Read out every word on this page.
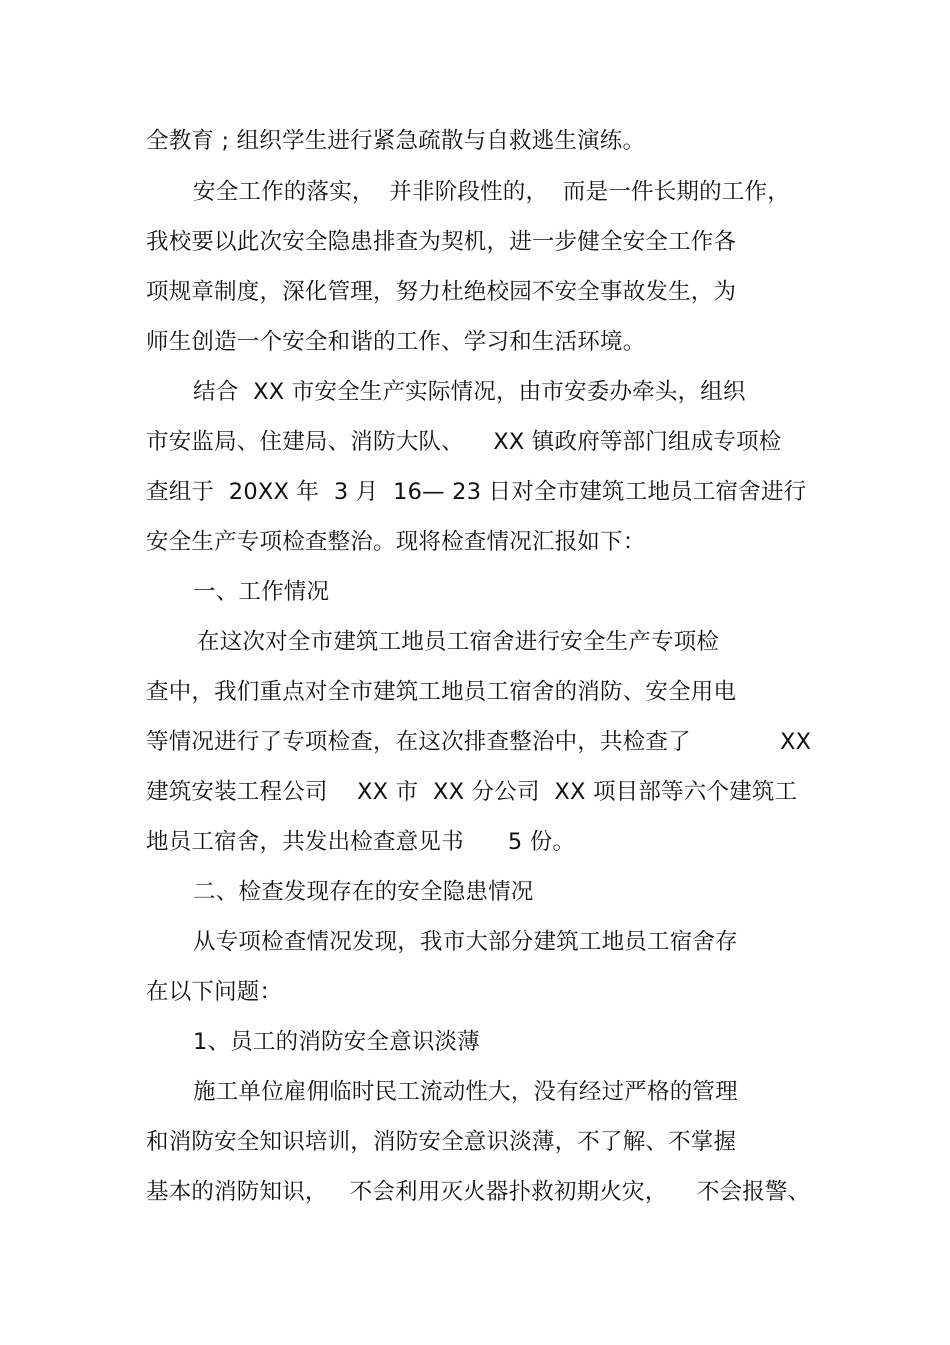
全教育 ; 组织学生进行紧急疏散与自救逃生演练。
安全工作的落实，  并非阶段性的，  而是一件长期的工作，
我校要以此次安全隐患排查为契机，进一步健全安全工作各
项规章制度，深化管理，努力杜绝校园不安全事故发生，为
师生创造一个安全和谐的工作、学习和生活环境。
结合  XX 市安全生产实际情况，由市安委办牵头，组织
市安监局、住建局、消防大队、    XX 镇政府等部门组成专项检
查组于  20XX 年  3 月  16— 23 日对全市建筑工地员工宿舍进行
安全生产专项检查整治。现将检查情况汇报如下：
一、工作情况
在这次对全市建筑工地员工宿舍进行安全生产专项检
查中，我们重点对全市建筑工地员工宿舍的消防、安全用电
等情况进行了专项检查，在这次排查整治中，共检查了	XX
建筑安装工程公司    XX 市  XX 分公司  XX 项目部等六个建筑工
地员工宿舍，共发出检查意见书      5 份。
二、检查发现存在的安全隐患情况
从专项检查情况发现，我市大部分建筑工地员工宿舍存
在以下问题：
1、员工的消防安全意识淡薄
施工单位雇佣临时民工流动性大，没有经过严格的管理
和消防安全知识培训，消防安全意识淡薄，不了解、不掌握
基本的消防知识，   不会利用灭火器扑救初期火灾，    不会报警、
